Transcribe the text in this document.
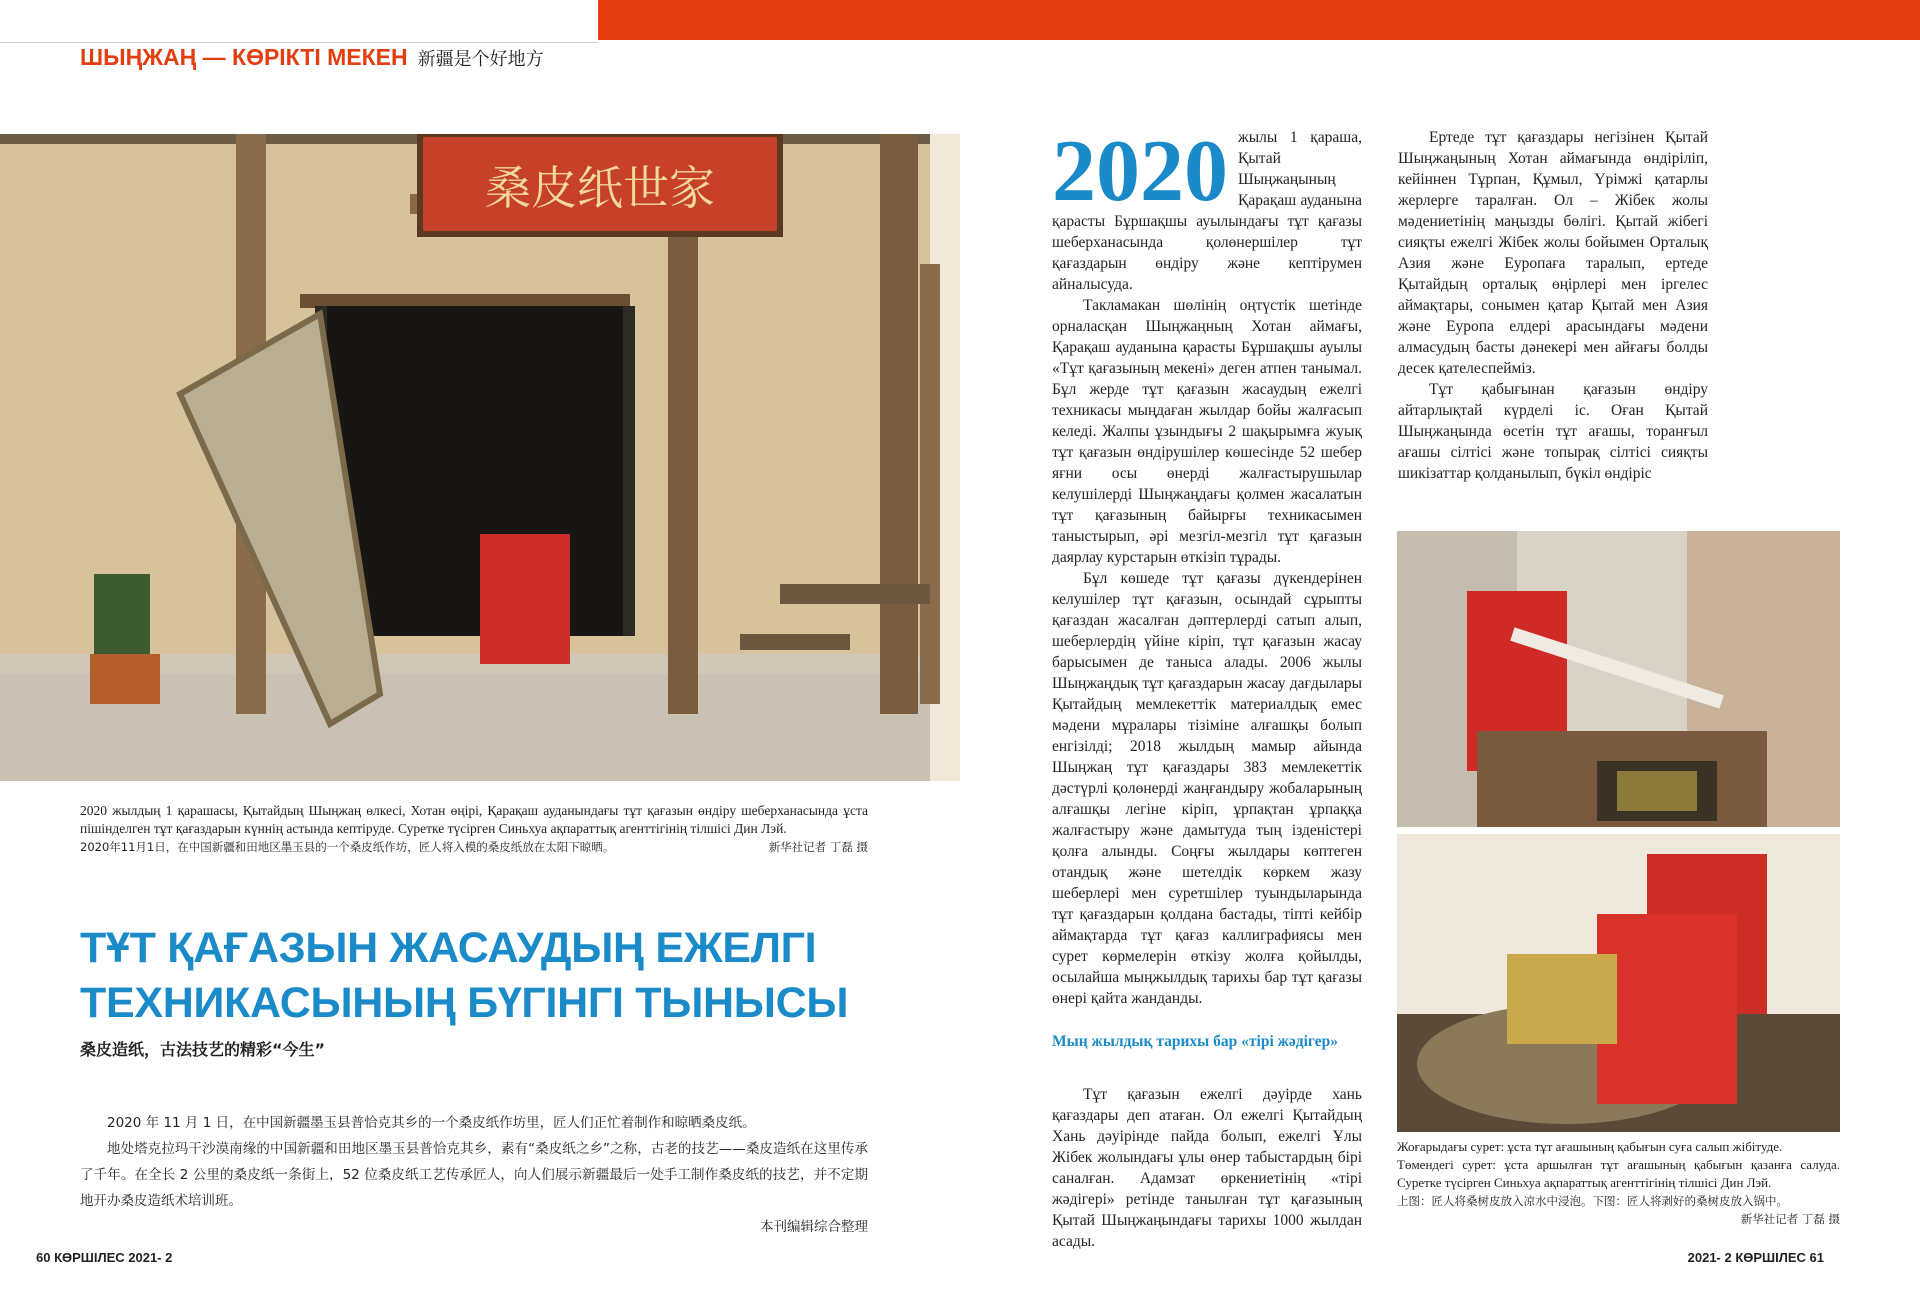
ШЫҢЖАҢ — КӨРІКТІ МЕКЕН 新疆是个好地方
桑皮纸世家
2020 жылдың 1 қарашасы, Қытайдың Шыңжаң өлкесі, Хотан өңірі, Қарақаш ауданындағы тұт қағазын өндіру шеберханасында ұста пішінделген тұт қағаздарын күннің астында кептіруде. Суретке түсірген Синьхуа ақпараттық агенттігінің тілшісі Дин Лэй.
2020年11月1日，在中国新疆和田地区墨玉县的一个桑皮纸作坊，匠人将入模的桑皮纸放在太阳下晾晒。	新华社记者 丁磊 摄
ТҰТ ҚАҒАЗЫН ЖАСАУДЫҢ ЕЖЕЛГІ
ТЕХНИКАСЫНЫҢ БҮГІНГІ ТЫНЫСЫ
桑皮造纸，古法技艺的精彩“今生”

2020 年 11 月 1 日，在中国新疆墨玉县普恰克其乡的一个桑皮纸作坊里，匠人们正忙着制作和晾晒桑皮纸。

地处塔克拉玛干沙漠南缘的中国新疆和田地区墨玉县普恰克其乡，素有“桑皮纸之乡”之称，古老的技艺——桑皮造纸在这里传承了千年。在全长 2 公里的桑皮纸一条街上，52 位桑皮纸工艺传承匠人，向人们展示新疆最后一处手工制作桑皮纸的技艺，并不定期地开办桑皮造纸术培训班。

本刊编辑综合整理
60 КӨРШІЛЕС 2021- 2	2021- 2 КӨРШІЛЕС 61
2020 жылы 1 қараша, Қытай Шыңжаңының Қарақаш ауданына қарасты Бұршақшы ауылындағы тұт қағазы шеберханасында қолөнершілер тұт қағаздарын өндіру және кептірумен айналысуда.

Такламакан шөлінің оңтүстік шетінде орналасқан Шыңжаңның Хотан аймағы, Қарақаш ауданына қарасты Бұршақшы ауылы «Тұт қағазының мекені» деген атпен танымал. Бұл жерде тұт қағазын жасаудың ежелгі техникасы мыңдаған жылдар бойы жалғасып келеді. Жалпы ұзындығы 2 шақырымға жуық тұт қағазын өндірушілер көшесінде 52 шебер яғни осы өнерді жалғастырушылар келушілерді Шыңжаңдағы қолмен жасалатын тұт қағазының байырғы техникасымен таныстырып, әрі мезгіл-мезгіл тұт қағазын даярлау курстарын өткізіп тұрады.

Бұл көшеде тұт қағазы дүкендерінен келушілер тұт қағазын, осындай сұрыпты қағаздан жасалған дәптерлерді сатып алып, шеберлердің үйіне кіріп, тұт қағазын жасау барысымен де таныса алады. 2006 жылы Шыңжаңдық тұт қағаздарын жасау дағдылары Қытайдың мемлекеттік материалдық емес мәдени мұралары тізіміне алғашқы болып енгізілді; 2018 жылдың мамыр айында Шыңжаң тұт қағаздары 383 мемлекеттік дәстүрлі қолөнерді жаңғандыру жобаларының алғашқы легіне кіріп, ұрпақтан ұрпаққа жалғастыру және дамытуда тың ізденістері қолға алынды. Соңғы жылдары көптеген отандық және шетелдік көркем жазу шеберлері мен суретшілер туындыларында тұт қағаздарын қолдана бастады, тіпті кейбір аймақтарда тұт қағаз каллиграфиясы мен сурет көрмелерін өткізу жолға қойылды, осылайша мыңжылдық тарихы бар тұт қағазы өнері қайта жанданды.

Мың жылдық тарихы бар «тірі жәдігер»

Тұт қағазын ежелгі дәуірде хань қағаздары деп атаған. Ол ежелгі Қытайдың Хань дәуірінде пайда болып, ежелгі Ұлы Жібек жолындағы ұлы өнер табыстардың бірі саналған. Адамзат өркениетінің «тірі жәдігері» ретінде танылған тұт қағазының Қытай Шыңжаңындағы тарихы 1000 жылдан асады.

Ертеде тұт қағаздары негізінен Қытай Шыңжаңының Хотан аймағында өндіріліп, кейіннен Тұрпан, Құмыл, Үрімжі қатарлы жерлерге таралған. Ол – Жібек жолы мәдениетінің маңызды бөлігі. Қытай жібегі сияқты ежелгі Жібек жолы бойымен Орталық Азия және Еуропаға таралып, ертеде Қытайдың орталық өңірлері мен іргелес аймақтары, сонымен қатар Қытай мен Азия және Еуропа елдері арасындағы мәдени алмасудың басты дәнекері мен айғағы болды десек қателеспейміз.

Тұт қабығынан қағазын өндіру айтарлықтай күрделі іс. Оған Қытай Шыңжаңында өсетін тұт ағашы, торанғыл ағашы сілтісі және топырақ сілтісі сияқты шикізаттар қолданылып, бүкіл өндіріс

Жоғарыдағы сурет: ұста тұт ағашының қабығын суға салып жібітуде.
Төмендегі сурет: ұста аршылған тұт ағашының қабығын қазанға салуда. Суретке түсірген Синьхуа ақпараттық агенттігінің тілшісі Дин Лэй.
上图：匠人将桑树皮放入凉水中浸泡。下图：匠人将剥好的桑树皮放入锅中。
新华社记者 丁磊 摄
